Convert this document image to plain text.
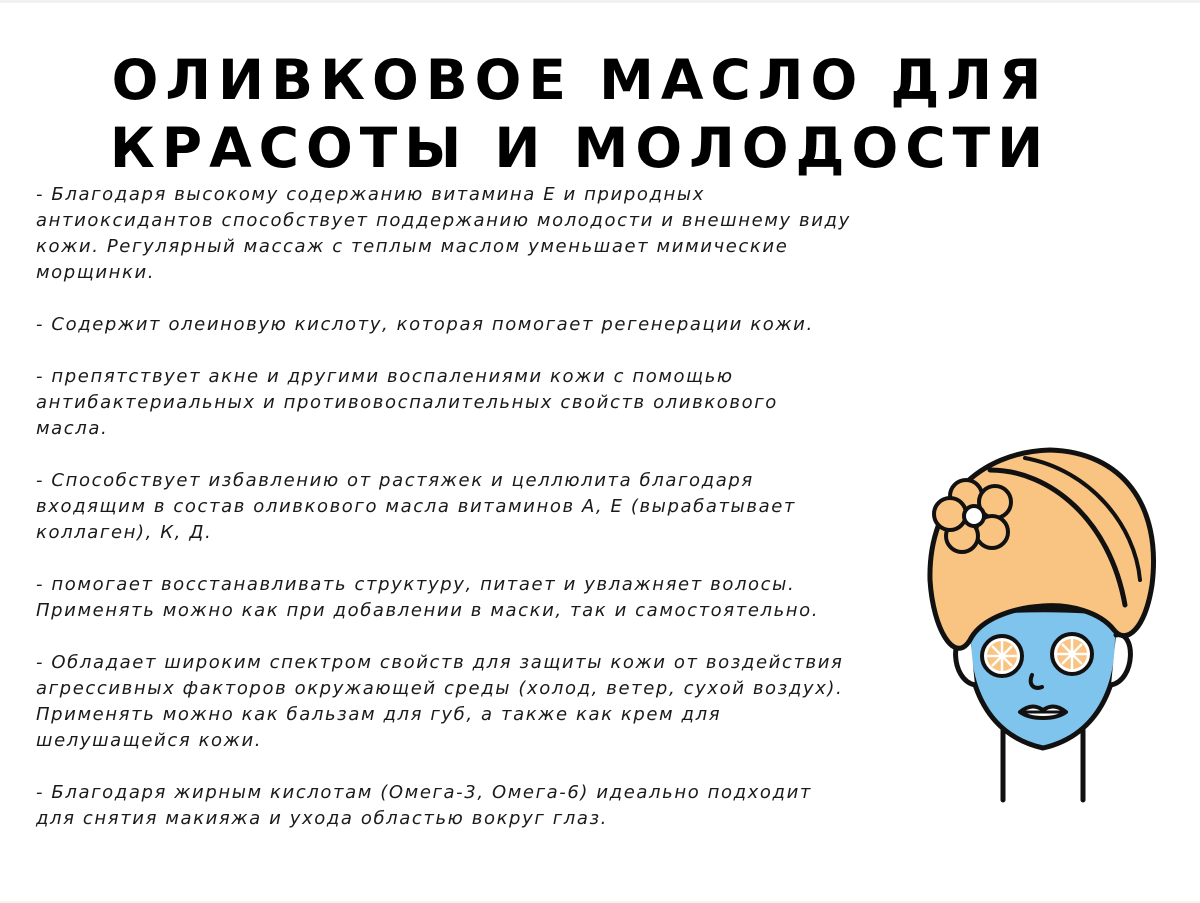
ОЛИВКОВОЕ МАСЛО ДЛЯ
КРАСОТЫ И МОЛОДОСТИ

- Благодаря высокому содержанию витамина Е и природных
антиоксидантов способствует поддержанию молодости и внешнему виду
кожи. Регулярный массаж с теплым маслом уменьшает мимические
морщинки.

- Содержит олеиновую кислоту, которая помогает регенерации кожи.

- препятствует акне и другими воспалениями кожи с помощью
антибактериальных и противовоспалительных свойств оливкового
масла.

- Способствует избавлению от растяжек и целлюлита благодаря
входящим в состав оливкового масла витаминов А, Е (вырабатывает
коллаген), К, Д.

- помогает восстанавливать структуру, питает и увлажняет волосы.
Применять можно как при добавлении в маски, так и самостоятельно.

- Обладает широким спектром свойств для защиты кожи от воздействия
агрессивных факторов окружающей среды (холод, ветер, сухой воздух).
Применять можно как бальзам для губ, а также как крем для
шелушащейся кожи.

- Благодаря жирным кислотам (Омега-3, Омега-6) идеально подходит
для снятия макияжа и ухода областью вокруг глаз.
